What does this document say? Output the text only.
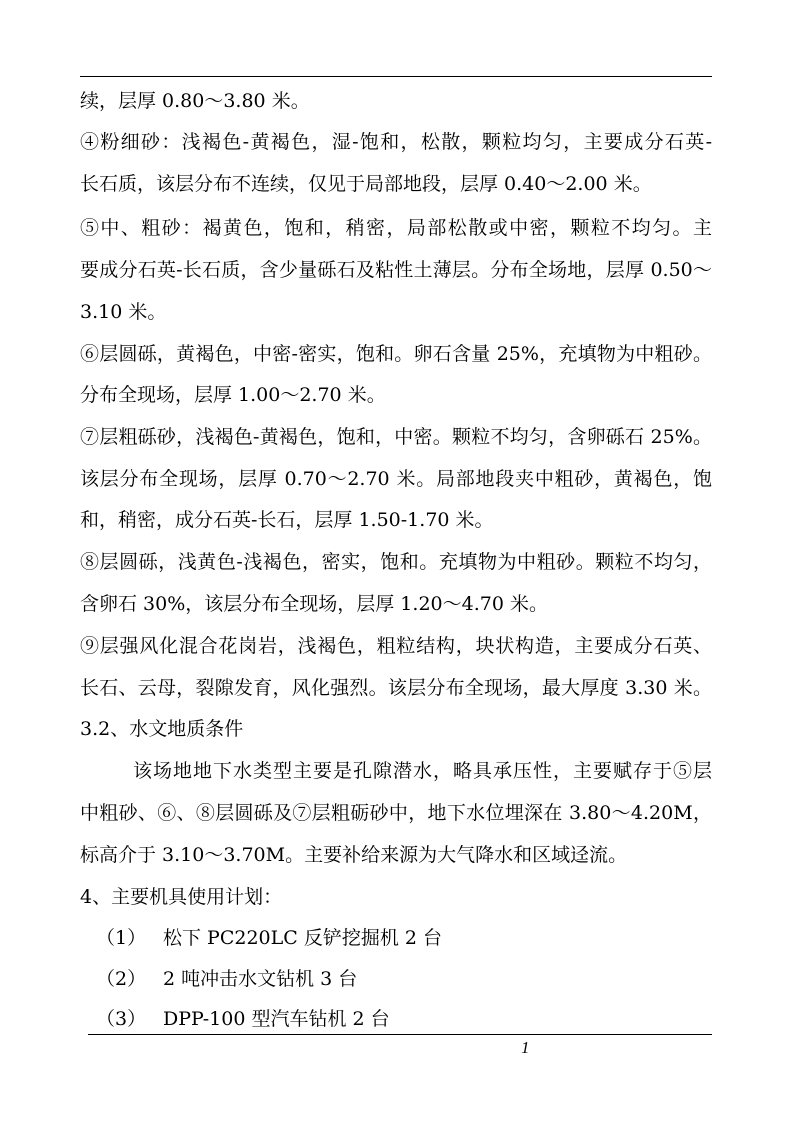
续，层厚 0.80～3.80 米。
④粉细砂：浅褐色-黄褐色，湿-饱和，松散，颗粒均匀，主要成分石英-
长石质，该层分布不连续，仅见于局部地段，层厚 0.40～2.00 米。
⑤中、粗砂：褐黄色，饱和，稍密，局部松散或中密，颗粒不均匀。主
要成分石英-长石质，含少量砾石及粘性土薄层。分布全场地，层厚 0.50～
3.10 米。
⑥层圆砾，黄褐色，中密-密实，饱和。卵石含量 25%，充填物为中粗砂。
分布全现场，层厚 1.00～2.70 米。
⑦层粗砾砂，浅褐色-黄褐色，饱和，中密。颗粒不均匀，含卵砾石 25%。
该层分布全现场，层厚 0.70～2.70 米。局部地段夹中粗砂，黄褐色，饱
和，稍密，成分石英-长石，层厚 1.50-1.70 米。
⑧层圆砾，浅黄色-浅褐色，密实，饱和。充填物为中粗砂。颗粒不均匀，
含卵石 30%，该层分布全现场，层厚 1.20～4.70 米。
⑨层强风化混合花岗岩，浅褐色，粗粒结构，块状构造，主要成分石英、
长石、云母，裂隙发育，风化强烈。该层分布全现场，最大厚度 3.30 米。
3.2、水文地质条件
该场地地下水类型主要是孔隙潜水，略具承压性，主要赋存于⑤层
中粗砂、⑥、⑧层圆砾及⑦层粗砺砂中，地下水位埋深在 3.80～4.20M，
标高介于 3.10～3.70M。主要补给来源为大气降水和区域迳流。
4、主要机具使用计划：
（1） 松下 PC220LC 反铲挖掘机 2 台
（2） 2 吨冲击水文钻机 3 台
（3） DPP-100 型汽车钻机 2 台
1
